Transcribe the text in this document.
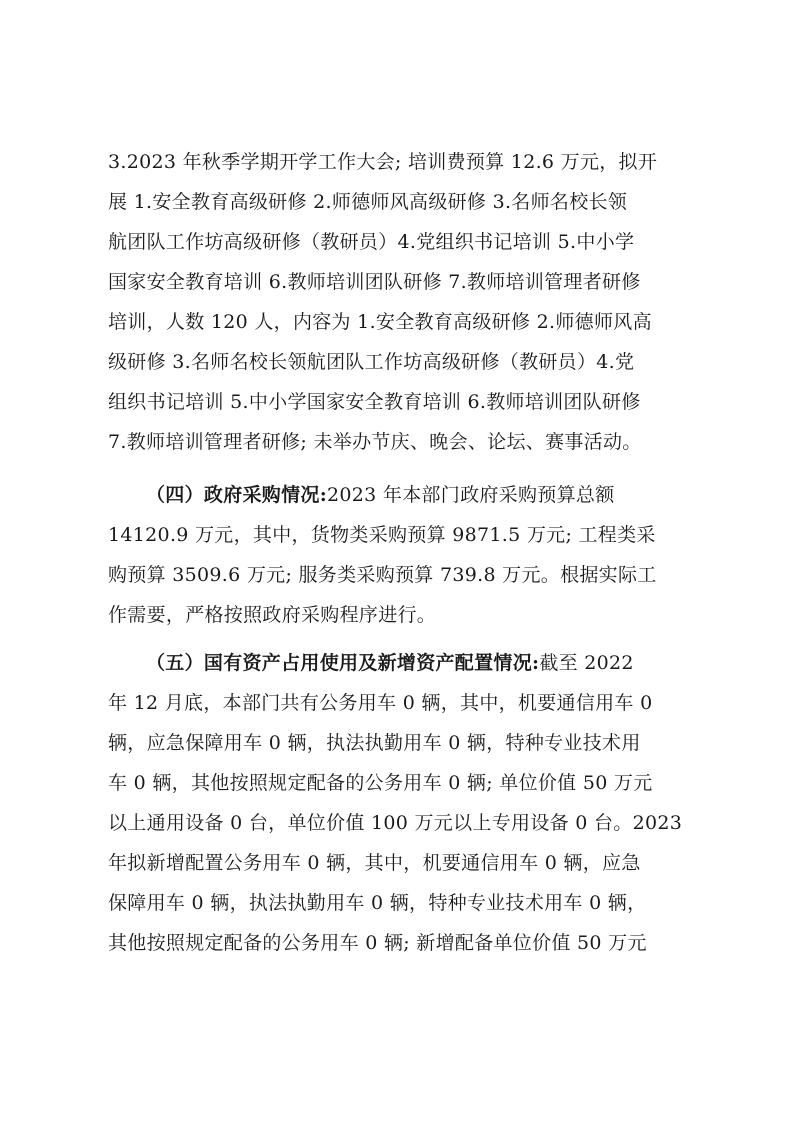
3.2023 年秋季学期开学工作大会; 培训费预算 12.6 万元，拟开
展 1.安全教育高级研修 2.师德师风高级研修 3.名师名校长领
航团队工作坊高级研修（教研员）4.党组织书记培训 5.中小学
国家安全教育培训 6.教师培训团队研修 7.教师培训管理者研修
培训，人数 120 人，内容为 1.安全教育高级研修 2.师德师风高
级研修 3.名师名校长领航团队工作坊高级研修（教研员）4.党
组织书记培训 5.中小学国家安全教育培训 6.教师培训团队研修
7.教师培训管理者研修; 未举办节庆、晚会、论坛、赛事活动。
（四）政府采购情况:2023 年本部门政府采购预算总额
14120.9 万元，其中，货物类采购预算 9871.5 万元; 工程类采
购预算 3509.6 万元; 服务类采购预算 739.8 万元。根据实际工
作需要，严格按照政府采购程序进行。
（五）国有资产占用使用及新增资产配置情况:截至 2022
年 12 月底，本部门共有公务用车 0 辆，其中，机要通信用车 0
辆，应急保障用车 0 辆，执法执勤用车 0 辆，特种专业技术用
车 0 辆，其他按照规定配备的公务用车 0 辆; 单位价值 50 万元
以上通用设备 0 台，单位价值 100 万元以上专用设备 0 台。2023
年拟新增配置公务用车 0 辆，其中，机要通信用车 0 辆，应急
保障用车 0 辆，执法执勤用车 0 辆，特种专业技术用车 0 辆，
其他按照规定配备的公务用车 0 辆; 新增配备单位价值 50 万元
